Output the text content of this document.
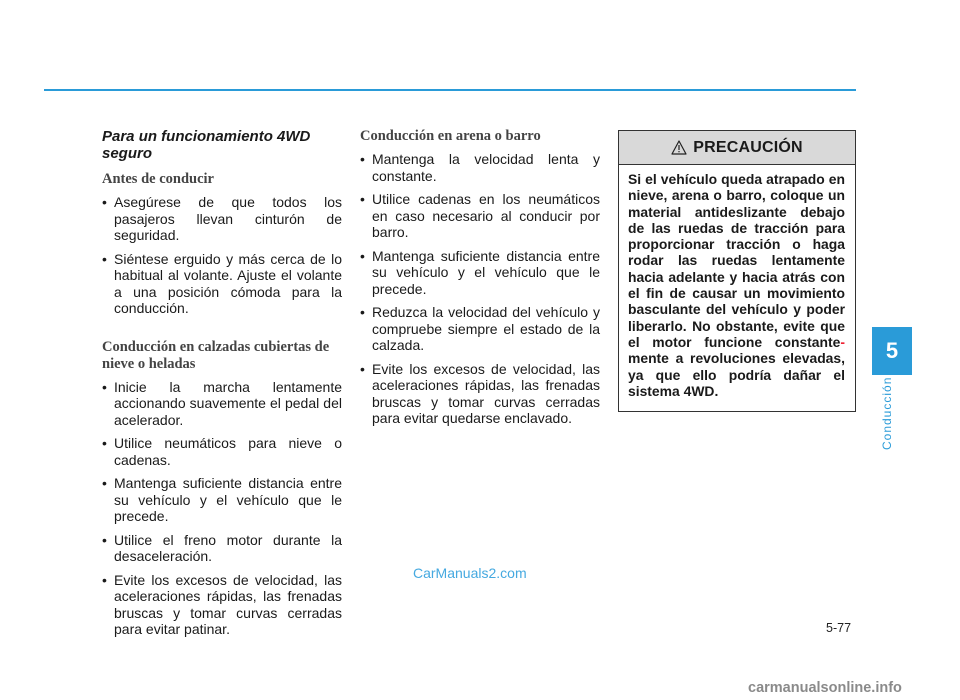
Para un funcionamiento 4WD seguro

Antes de conducir

• Asegúrese de que todos los pasajeros llevan cinturón de seguridad.
• Siéntese erguido y más cerca de lo habitual al volante. Ajuste el volante a una posición cómoda para la conducción.

Conducción en calzadas cubiertas de nieve o heladas

• Inicie la marcha lentamente accionando suavemente el pedal del acelerador.
• Utilice neumáticos para nieve o cadenas.
• Mantenga suficiente distancia entre su vehículo y el vehículo que le precede.
• Utilice el freno motor durante la desaceleración.
• Evite los excesos de velocidad, las aceleraciones rápidas, las frenadas bruscas y tomar curvas cerradas para evitar patinar.

Conducción en arena o barro

• Mantenga la velocidad lenta y constante.
• Utilice cadenas en los neumáticos en caso necesario al conducir por barro.
• Mantenga suficiente distancia entre su vehículo y el vehículo que le precede.
• Reduzca la velocidad del vehículo y compruebe siempre el estado de la calzada.
• Evite los excesos de velocidad, las aceleraciones rápidas, las frenadas bruscas y tomar curvas cerradas para evitar quedarse enclavado.
PRECAUCIÓN
Si el vehículo queda atrapado en nieve, arena o barro, coloque un material antideslizante debajo de las ruedas de tracción para proporcionar tracción o haga rodar las ruedas lentamente hacia adelante y hacia atrás con el fin de causar un movimiento basculante del vehículo y poder liberarlo. No obstante, evite que el motor funcione constante- mente a revoluciones elevadas, ya que ello podría dañar el sistema 4WD.
5
Conducción
5-77
CarManuals2.com
carmanualsonline.info
